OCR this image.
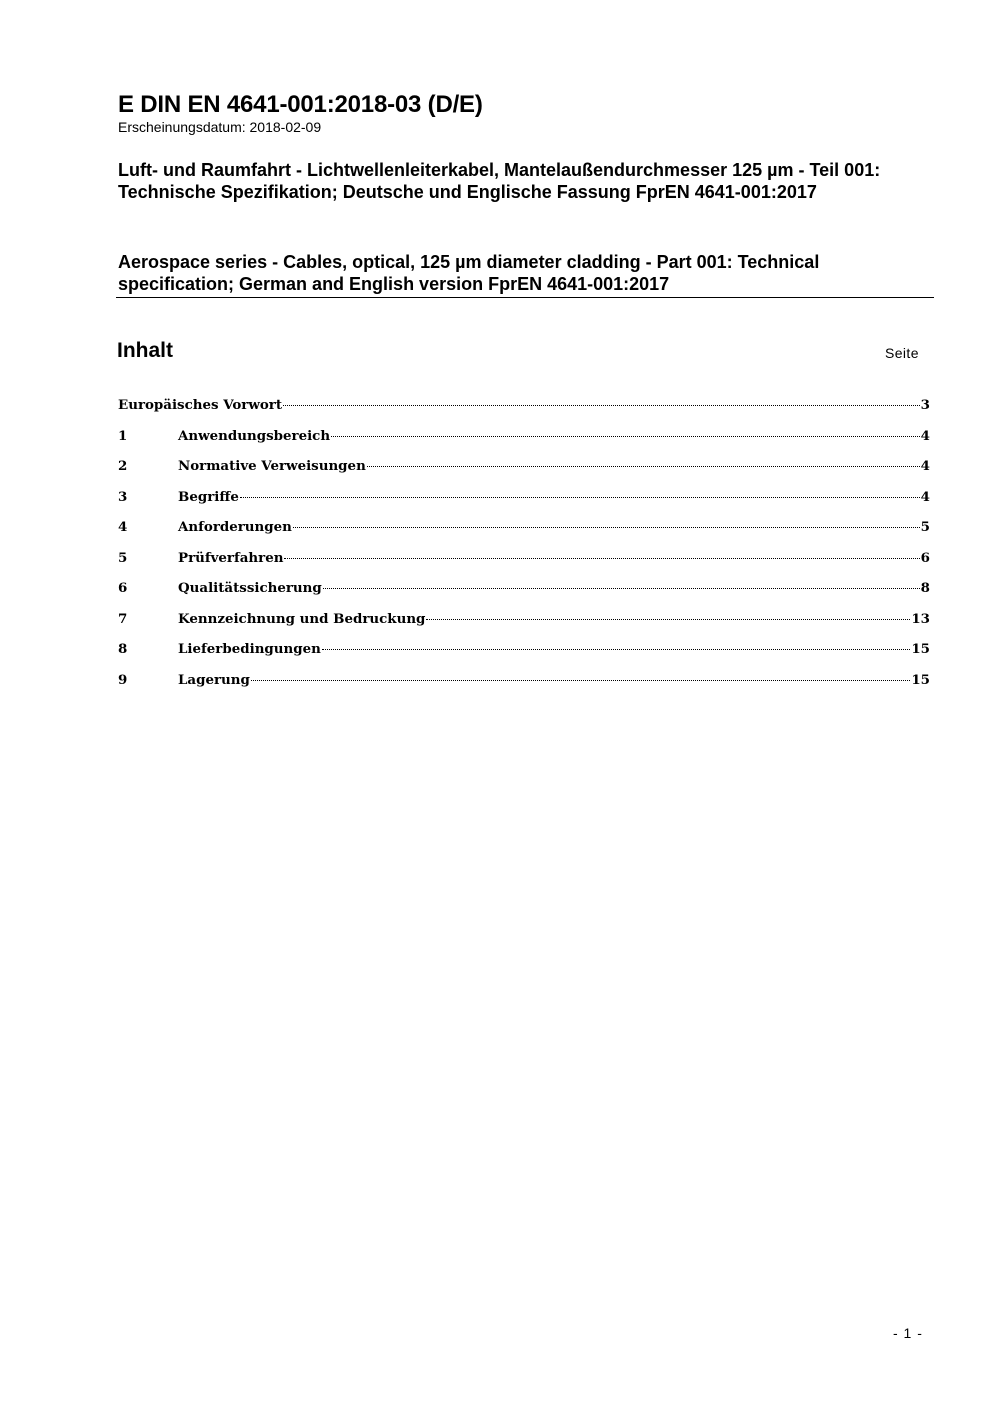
E DIN EN 4641-001:2018-03 (D/E)

Erscheinungsdatum: 2018-02-09

Luft- und Raumfahrt - Lichtwellenleiterkabel, Mantelaußendurchmesser 125 µm - Teil 001: Technische Spezifikation; Deutsche und Englische Fassung FprEN 4641-001:2017

Aerospace series - Cables, optical, 125 µm diameter cladding - Part 001: Technical specification; German and English version FprEN 4641-001:2017

Inhalt	Seite
Europäisches Vorwort	3
1	Anwendungsbereich	4
2	Normative Verweisungen	4
3	Begriffe	4
4	Anforderungen	5
5	Prüfverfahren	6
6	Qualitätssicherung	8
7	Kennzeichnung und Bedruckung	13
8	Lieferbedingungen	15
9	Lagerung	15
- 1 -
